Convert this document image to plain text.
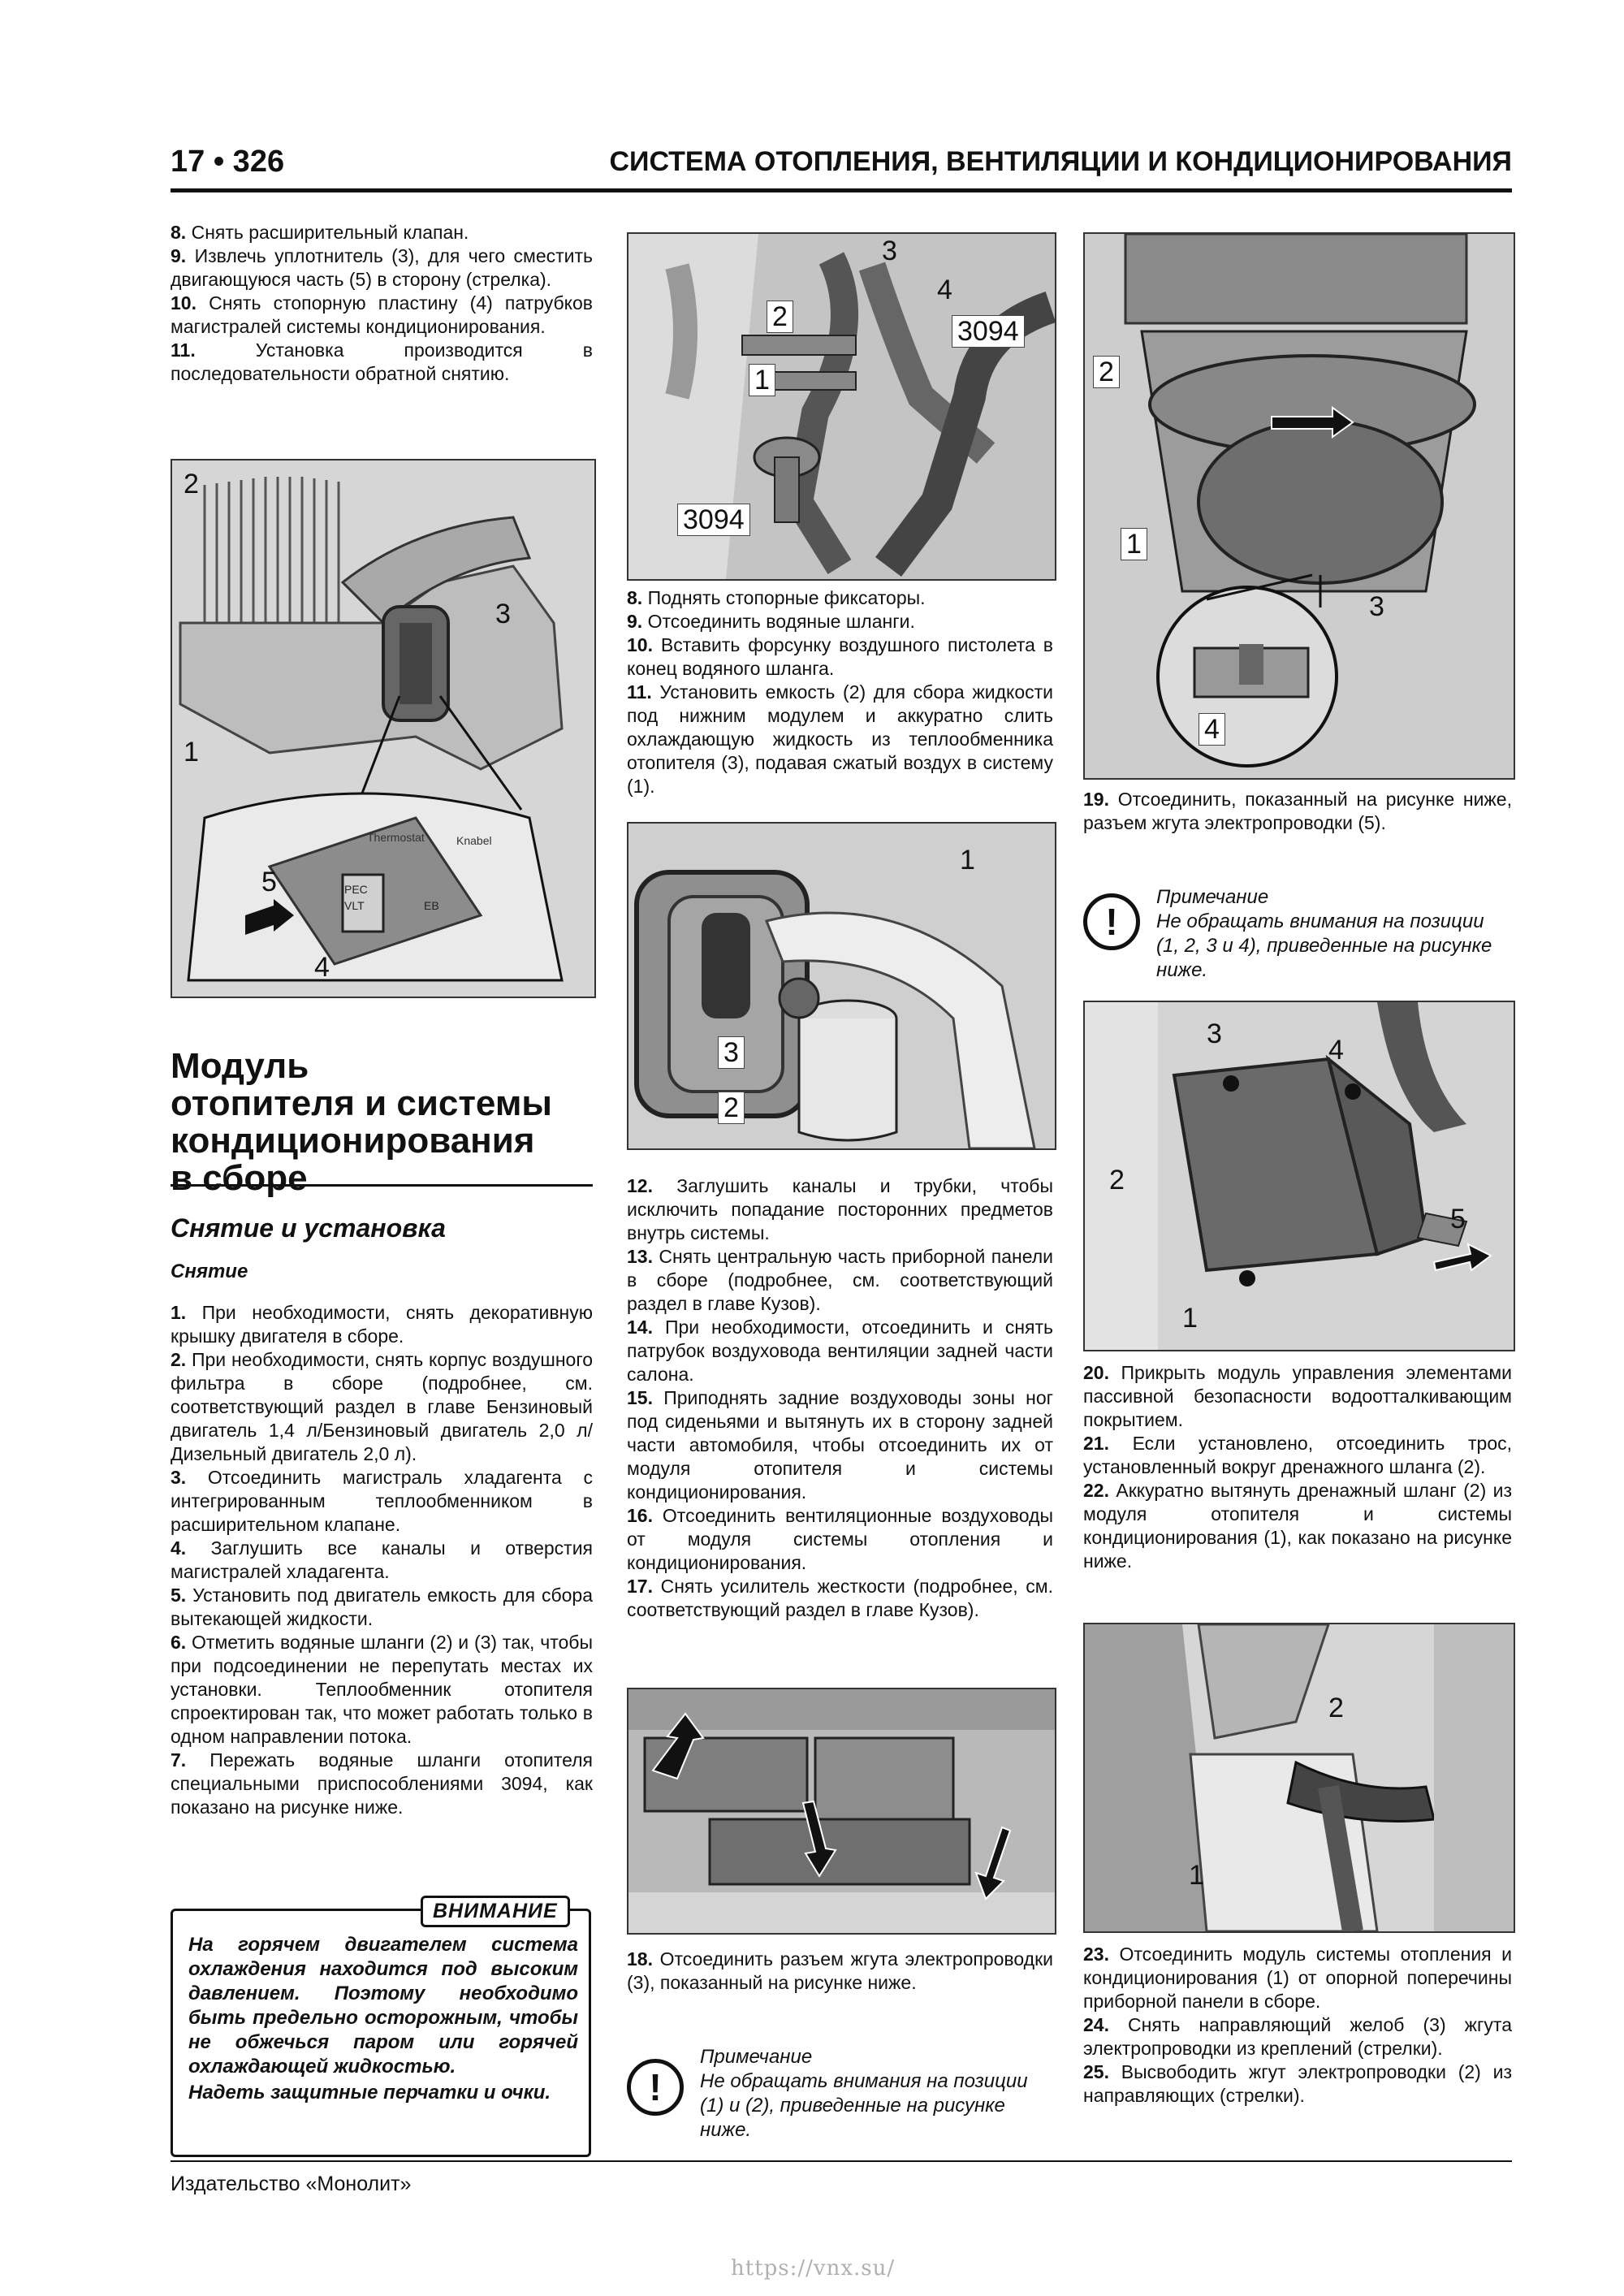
17 • 326	СИСТЕМА ОТОПЛЕНИЯ, ВЕНТИЛЯЦИИ И КОНДИЦИОНИРОВАНИЯ

8. Снять расширительный клапан.

9. Извлечь уплотнитель (3), для чего сместить двигающуюся часть (5) в сторону (стрелка).

10. Снять стопорную пластину (4) патрубков магистралей системы кондиционирования.

11.	Установка производится в последовательности обратной снятию.

2
3
1
5
4
Thermostat	Knabel
PEC
VLT	EB
Модуль
отопителя и системы
кондиционирования
в сборе
Снятие и установка
Снятие

1. При необходимости, снять декоративную крышку двигателя в сборе.

2. При необходимости, снять корпус воздушного фильтра в сборе (подробнее, см. соответствующий раздел в главе Бензиновый двигатель 1,4 л/Бензиновый двигатель 2,0 л/Дизельный двигатель 2,0 л).

3. Отсоединить магистраль хладагента с интегрированным теплообменником в расширительном клапане.

4. Заглушить все каналы и отверстия магистралей хладагента.

5. Установить под двигатель емкость для сбора вытекающей жидкости.

6. Отметить водяные шланги (2) и (3) так, чтобы при подсоединении не перепутать местах их установки. Теплообменник отопителя спроектирован так, что может работать только в одном направлении потока.

7. Пережать водяные шланги отопителя специальными приспособлениями 3094, как показано на рисунке ниже.

ВНИМАНИЕ
На горячем двигателем система охлаждения находится под высоким давлением. Поэтому необходимо быть предельно осторожным, чтобы не обжечься паром или горячей охлаждающей жидкостью.
Надеть защитные перчатки и очки.
3
4
2	3094
1
3094

8. Поднять стопорные фиксаторы.

9. Отсоединить водяные шланги.

10. Вставить форсунку воздушного пистолета в конец водяного шланга.

11. Установить емкость (2) для сбора жидкости под нижним модулем и аккуратно слить охлаждающую жидкость из теплообменника отопителя (3), подавая сжатый воздух в систему (1).

1
3
2

12. Заглушить каналы и трубки, чтобы исключить попадание посторонних предметов внутрь системы.

13. Снять центральную часть приборной панели в сборе (подробнее, см. соответствующий раздел в главе Кузов).

14. При необходимости, отсоединить и снять патрубок воздуховода вентиляции задней части салона.

15. Приподнять задние воздуховоды зоны ног под сиденьями и вытянуть их в сторону задней части автомобиля, чтобы отсоединить их от модуля отопителя и системы кондиционирования.

16. Отсоединить вентиляционные воздуховоды от модуля системы отопления и кондиционирования.

17. Снять усилитель жесткости (подробнее, см. соответствующий раздел в главе Кузов).

18. Отсоединить разъем жгута электропроводки (3), показанный на рисунке ниже.

!
Примечание
Не обращать внимания на позиции (1) и (2), приведенные на рисунке ниже.
2
1
3
4

19. Отсоединить, показанный на рисунке ниже, разъем жгута электропроводки (5).

!
Примечание
Не обращать внимания на позиции (1, 2, 3 и 4), приведенные на рисунке ниже.
3
4
2
5
1

20. Прикрыть модуль управления элементами пассивной безопасности водоотталкивающим покрытием.

21. Если установлено, отсоединить трос, установленный вокруг дренажного шланга (2).

22. Аккуратно вытянуть дренажный шланг (2) из модуля отопителя и системы кондиционирования (1), как показано на рисунке ниже.

2
1

23. Отсоединить модуль системы отопления и кондиционирования (1) от опорной поперечины приборной панели в сборе.

24. Снять направляющий желоб (3) жгута электропроводки из креплений (стрелки).

25. Высвободить жгут электропроводки (2) из направляющих (стрелки).

Издательство «Монолит»
https://vnx.su/
